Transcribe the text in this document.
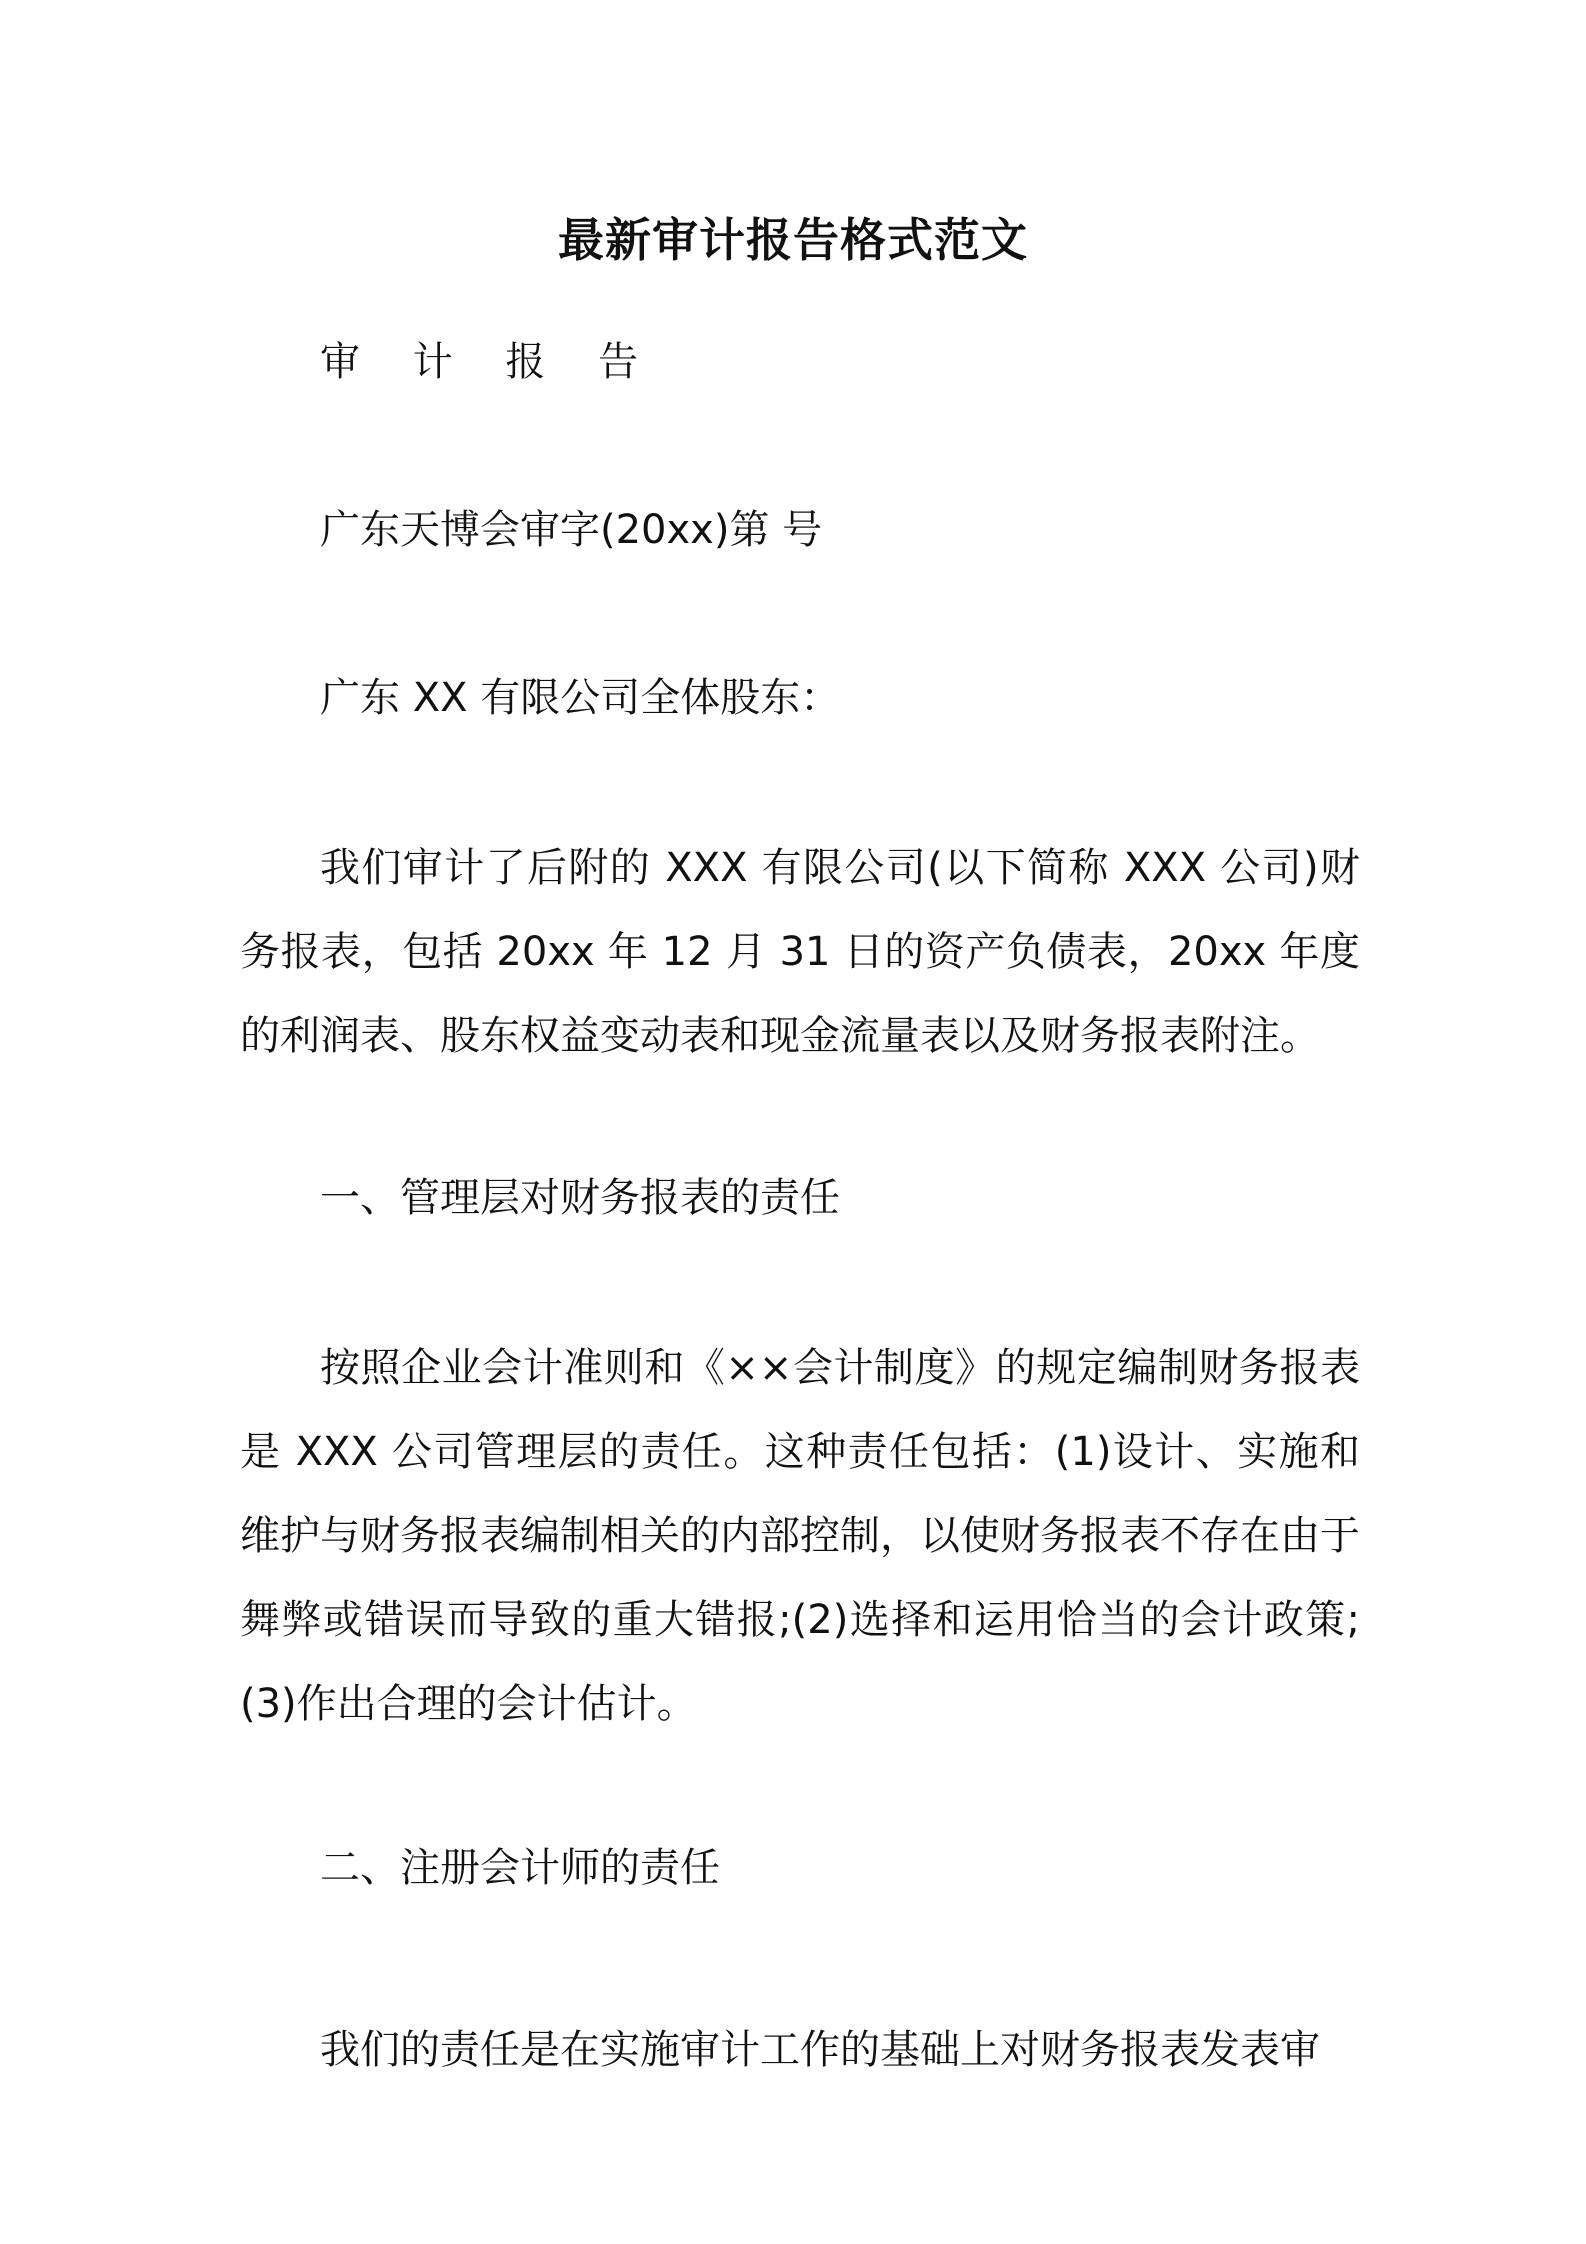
最新审计报告格式范文

审 计 报 告

广东天博会审字(20xx)第 号

广东 XX 有限公司全体股东：

我们审计了后附的 XXX 有限公司(以下简称 XXX 公司)财务报表，包括 20xx 年 12 月 31 日的资产负债表，20xx 年度的利润表、股东权益变动表和现金流量表以及财务报表附注。

一、管理层对财务报表的责任

按照企业会计准则和《××会计制度》的规定编制财务报表是 XXX 公司管理层的责任。这种责任包括：(1)设计、实施和维护与财务报表编制相关的内部控制，以使财务报表不存在由于舞弊或错误而导致的重大错报;(2)选择和运用恰当的会计政策;(3)作出合理的会计估计。

二、注册会计师的责任

我们的责任是在实施审计工作的基础上对财务报表发表审
